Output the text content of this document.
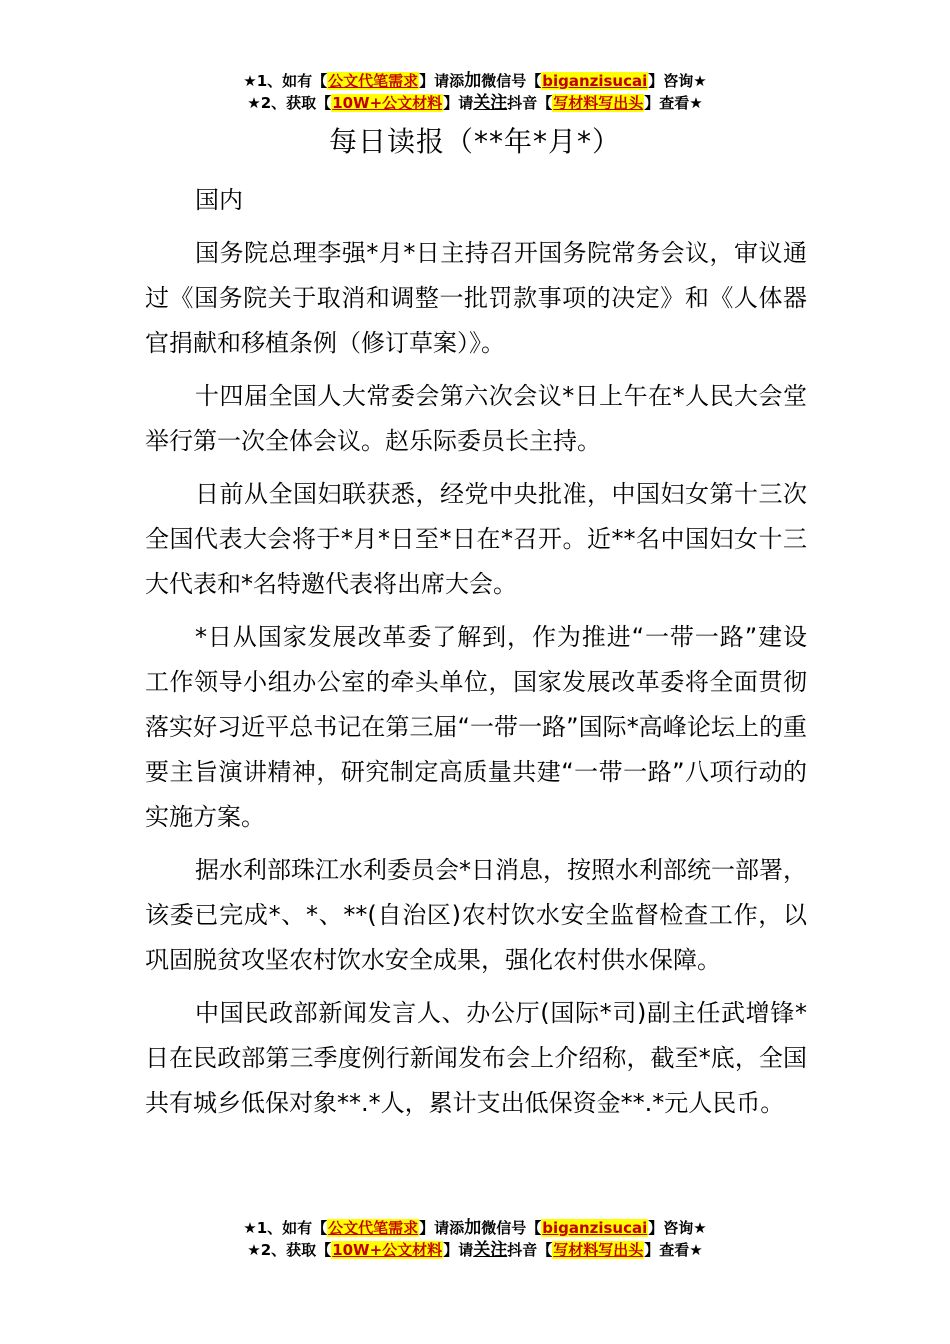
★1、如有【公文代笔需求】请添加微信号【biganzisucai】咨询★
★2、获取【10W+公文材料】请关注抖音【写材料写出头】查看★
每日读报（**年*月*）

国内

国务院总理李强*月*日主持召开国务院常务会议，审议通过《国务院关于取消和调整一批罚款事项的决定》和《人体器官捐献和移植条例（修订草案）》。

十四届全国人大常委会第六次会议*日上午在*人民大会堂举行第一次全体会议。赵乐际委员长主持。

日前从全国妇联获悉，经党中央批准，中国妇女第十三次全国代表大会将于*月*日至*日在*召开。近**名中国妇女十三大代表和*名特邀代表将出席大会。

*日从国家发展改革委了解到，作为推进“一带一路”建设工作领导小组办公室的牵头单位，国家发展改革委将全面贯彻落实好习近平总书记在第三届“一带一路”国际*高峰论坛上的重要主旨演讲精神，研究制定高质量共建“一带一路”八项行动的实施方案。

据水利部珠江水利委员会*日消息，按照水利部统一部署，该委已完成*、*、**(自治区)农村饮水安全监督检查工作，以巩固脱贫攻坚农村饮水安全成果，强化农村供水保障。

中国民政部新闻发言人、办公厅(国际*司)副主任武增锋*日在民政部第三季度例行新闻发布会上介绍称，截至*底，全国共有城乡低保对象**.*人，累计支出低保资金**.*元人民币。

★1、如有【公文代笔需求】请添加微信号【biganzisucai】咨询★
★2、获取【10W+公文材料】请关注抖音【写材料写出头】查看★
